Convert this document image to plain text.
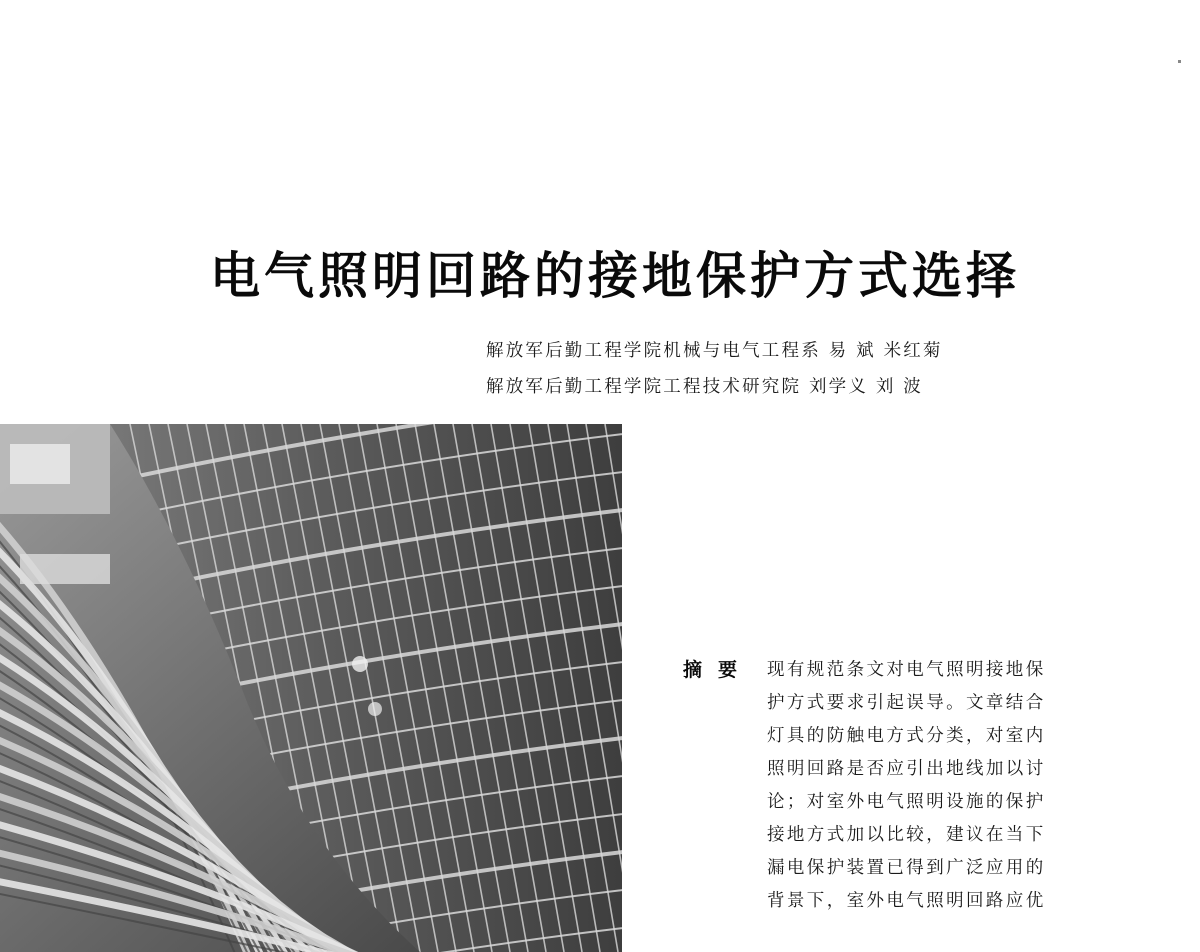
电气照明回路的接地保护方式选择
解放军后勤工程学院机械与电气工程系 易 斌 米红菊
解放军后勤工程学院工程技术研究院 刘学义 刘 波
摘要 现有规范条文对电气照明接地保
护方式要求引起误导。文章结合
灯具的防触电方式分类，对室内
照明回路是否应引出地线加以讨
论；对室外电气照明设施的保护
接地方式加以比较，建议在当下
漏电保护装置已得到广泛应用的
背景下，室外电气照明回路应优
